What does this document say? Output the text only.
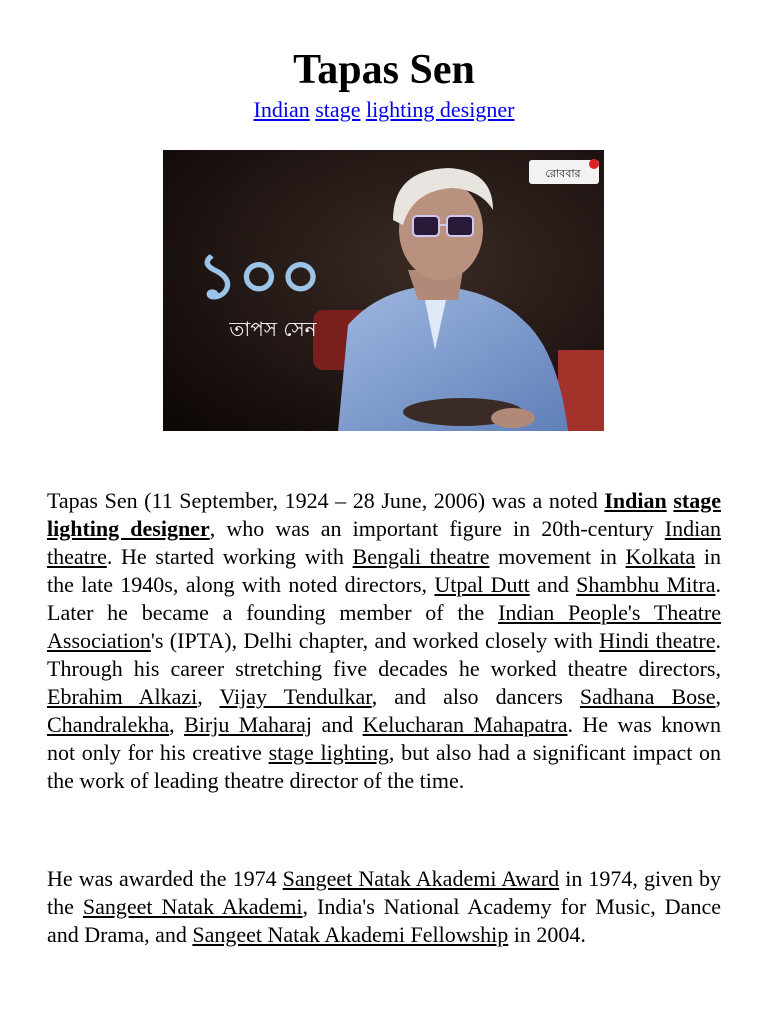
Tapas Sen
Indian stage lighting designer
রোববার
১০০
তাপস সেন

Tapas Sen (11 September, 1924 – 28 June, 2006) was a noted Indian stage lighting designer, who was an important figure in 20th-century Indian theatre. He started working with Bengali theatre movement in Kolkata in the late 1940s, along with noted directors, Utpal Dutt and Shambhu Mitra. Later he became a founding member of the Indian People's Theatre Association's (IPTA), Delhi chapter, and worked closely with Hindi theatre. Through his career stretching five decades he worked theatre directors, Ebrahim Alkazi, Vijay Tendulkar, and also dancers Sadhana Bose, Chandralekha, Birju Maharaj and Kelucharan Mahapatra. He was known not only for his creative stage lighting, but also had a significant impact on the work of leading theatre director of the time.

He was awarded the 1974 Sangeet Natak Akademi Award in 1974, given by the Sangeet Natak Akademi, India's National Academy for Music, Dance and Drama, and Sangeet Natak Akademi Fellowship in 2004.
